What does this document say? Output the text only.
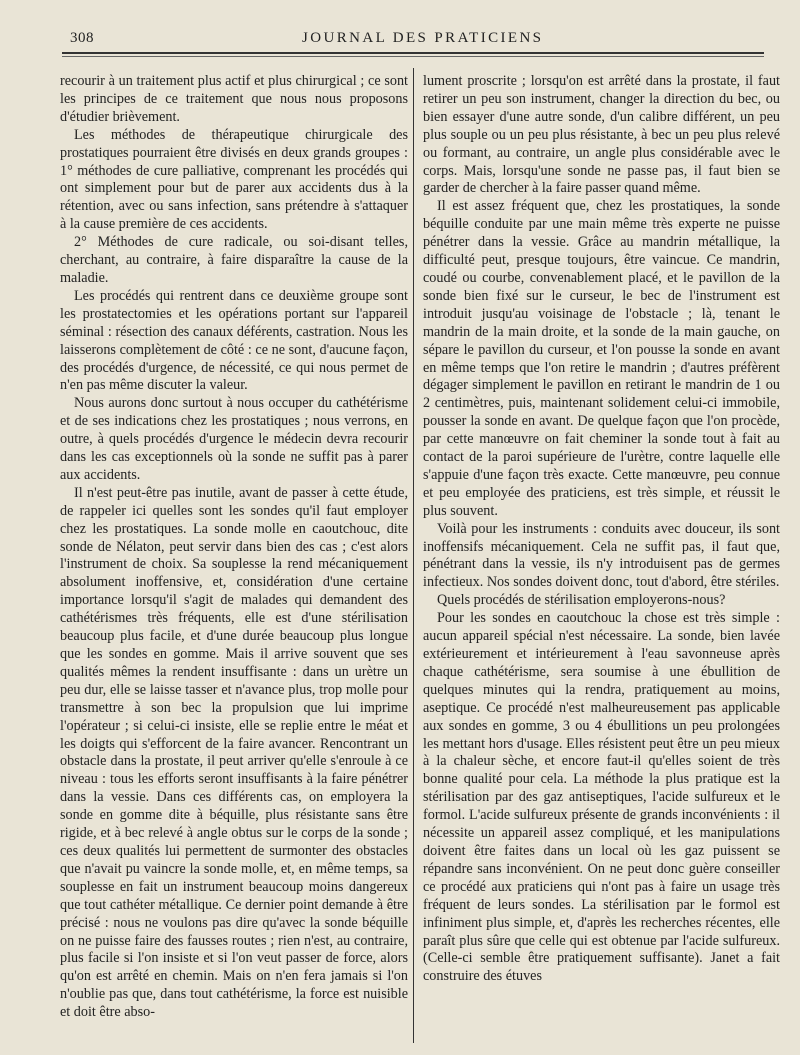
308	JOURNAL DES PRATICIENS

recourir à un traitement plus actif et plus chirurgical ; ce sont les principes de ce traitement que nous nous proposons d'étudier brièvement.

Les méthodes de thérapeutique chirurgicale des prostatiques pourraient être divisés en deux grands groupes : 1° méthodes de cure palliative, comprenant les procédés qui ont simplement pour but de parer aux accidents dus à la rétention, avec ou sans infection, sans prétendre à s'attaquer à la cause première de ces accidents.

2° Méthodes de cure radicale, ou soi-disant telles, cherchant, au contraire, à faire disparaître la cause de la maladie.

Les procédés qui rentrent dans ce deuxième groupe sont les prostatectomies et les opérations portant sur l'appareil séminal : résection des canaux déférents, castration. Nous les laisserons complètement de côté : ce ne sont, d'aucune façon, des procédés d'urgence, de nécessité, ce qui nous permet de n'en pas même discuter la valeur.

Nous aurons donc surtout à nous occuper du cathétérisme et de ses indications chez les prostatiques ; nous verrons, en outre, à quels procédés d'urgence le médecin devra recourir dans les cas exceptionnels où la sonde ne suffit pas à parer aux accidents.

Il n'est peut-être pas inutile, avant de passer à cette étude, de rappeler ici quelles sont les sondes qu'il faut employer chez les prostatiques. La sonde molle en caoutchouc, dite sonde de Nélaton, peut servir dans bien des cas ; c'est alors l'instrument de choix. Sa souplesse la rend mécaniquement absolument inoffensive, et, considération d'une certaine importance lorsqu'il s'agit de malades qui demandent des cathétérismes très fréquents, elle est d'une stérilisation beaucoup plus facile, et d'une durée beaucoup plus longue que les sondes en gomme. Mais il arrive souvent que ses qualités mêmes la rendent insuffisante : dans un urètre un peu dur, elle se laisse tasser et n'avance plus, trop molle pour transmettre à son bec la propulsion que lui imprime l'opérateur ; si celui-ci insiste, elle se replie entre le méat et les doigts qui s'efforcent de la faire avancer. Rencontrant un obstacle dans la prostate, il peut arriver qu'elle s'enroule à ce niveau : tous les efforts seront insuffisants à la faire pénétrer dans la vessie. Dans ces différents cas, on employera la sonde en gomme dite à béquille, plus résistante sans être rigide, et à bec relevé à angle obtus sur le corps de la sonde ; ces deux qualités lui permettent de surmonter des obstacles que n'avait pu vaincre la sonde molle, et, en même temps, sa souplesse en fait un instrument beaucoup moins dangereux que tout cathéter métallique. Ce dernier point demande à être précisé : nous ne voulons pas dire qu'avec la sonde béquille on ne puisse faire des fausses routes ; rien n'est, au contraire, plus facile si l'on insiste et si l'on veut passer de force, alors qu'on est arrêté en chemin. Mais on n'en fera jamais si l'on n'oublie pas que, dans tout cathétérisme, la force est nuisible et doit être abso-

lument proscrite ; lorsqu'on est arrêté dans la prostate, il faut retirer un peu son instrument, changer la direction du bec, ou bien essayer d'une autre sonde, d'un calibre différent, un peu plus souple ou un peu plus résistante, à bec un peu plus relevé ou formant, au contraire, un angle plus considérable avec le corps. Mais, lorsqu'une sonde ne passe pas, il faut bien se garder de chercher à la faire passer quand même.

Il est assez fréquent que, chez les prostatiques, la sonde béquille conduite par une main même très experte ne puisse pénétrer dans la vessie. Grâce au mandrin métallique, la difficulté peut, presque toujours, être vaincue. Ce mandrin, coudé ou courbe, convenablement placé, et le pavillon de la sonde bien fixé sur le curseur, le bec de l'instrument est introduit jusqu'au voisinage de l'obstacle ; là, tenant le mandrin de la main droite, et la sonde de la main gauche, on sépare le pavillon du curseur, et l'on pousse la sonde en avant en même temps que l'on retire le mandrin ; d'autres préfèrent dégager simplement le pavillon en retirant le mandrin de 1 ou 2 centimètres, puis, maintenant solidement celui-ci immobile, pousser la sonde en avant. De quelque façon que l'on procède, par cette manœuvre on fait cheminer la sonde tout à fait au contact de la paroi supérieure de l'urètre, contre laquelle elle s'appuie d'une façon très exacte. Cette manœuvre, peu connue et peu employée des praticiens, est très simple, et réussit le plus souvent.

Voilà pour les instruments : conduits avec douceur, ils sont inoffensifs mécaniquement. Cela ne suffit pas, il faut que, pénétrant dans la vessie, ils n'y introduisent pas de germes infectieux. Nos sondes doivent donc, tout d'abord, être stériles.

Quels procédés de stérilisation employerons-nous?

Pour les sondes en caoutchouc la chose est très simple : aucun appareil spécial n'est nécessaire. La sonde, bien lavée extérieurement et intérieurement à l'eau savonneuse après chaque cathétérisme, sera soumise à une ébullition de quelques minutes qui la rendra, pratiquement au moins, aseptique. Ce procédé n'est malheureusement pas applicable aux sondes en gomme, 3 ou 4 ébullitions un peu prolongées les mettant hors d'usage. Elles résistent peut être un peu mieux à la chaleur sèche, et encore faut-il qu'elles soient de très bonne qualité pour cela. La méthode la plus pratique est la stérilisation par des gaz antiseptiques, l'acide sulfureux et le formol. L'acide sulfureux présente de grands inconvénients : il nécessite un appareil assez compliqué, et les manipulations doivent être faites dans un local où les gaz puissent se répandre sans inconvénient. On ne peut donc guère conseiller ce procédé aux praticiens qui n'ont pas à faire un usage très fréquent de leurs sondes. La stérilisation par le formol est infiniment plus simple, et, d'après les recherches récentes, elle paraît plus sûre que celle qui est obtenue par l'acide sulfureux. (Celle-ci semble être pratiquement suffisante). Janet a fait construire des étuves
